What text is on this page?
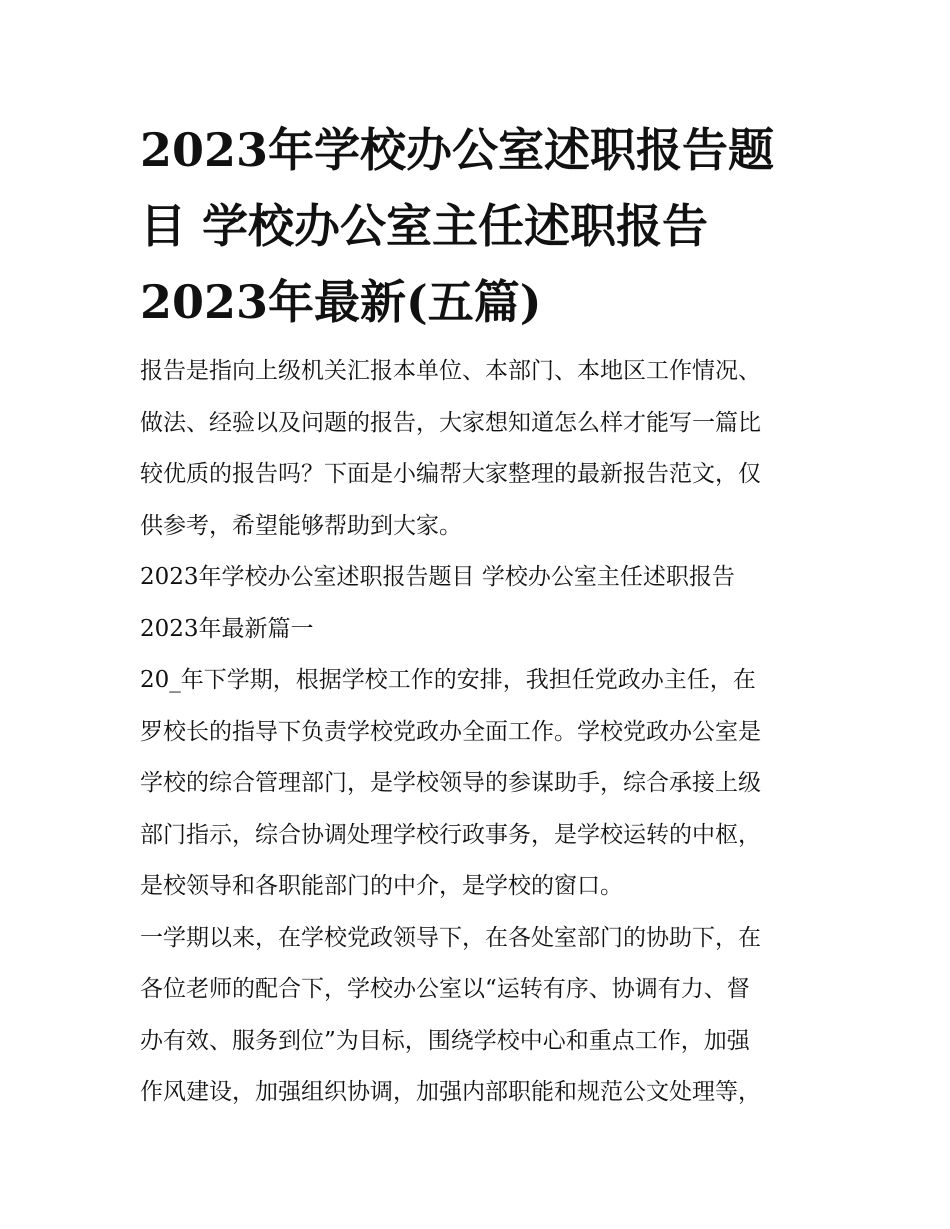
2023年学校办公室述职报告题
目 学校办公室主任述职报告
2023年最新(五篇)

报告是指向上级机关汇报本单位、本部门、本地区工作情况、
做法、经验以及问题的报告，大家想知道怎么样才能写一篇比
较优质的报告吗？下面是小编帮大家整理的最新报告范文，仅
供参考，希望能够帮助到大家。

2023年学校办公室述职报告题目 学校办公室主任述职报告
2023年最新篇一

20_年下学期，根据学校工作的安排，我担任党政办主任，在
罗校长的指导下负责学校党政办全面工作。学校党政办公室是
学校的综合管理部门，是学校领导的参谋助手，综合承接上级
部门指示，综合协调处理学校行政事务，是学校运转的中枢，
是校领导和各职能部门的中介，是学校的窗口。

一学期以来，在学校党政领导下，在各处室部门的协助下，在
各位老师的配合下，学校办公室以“运转有序、协调有力、督
办有效、服务到位”为目标，围绕学校中心和重点工作，加强
作风建设，加强组织协调，加强内部职能和规范公文处理等，
